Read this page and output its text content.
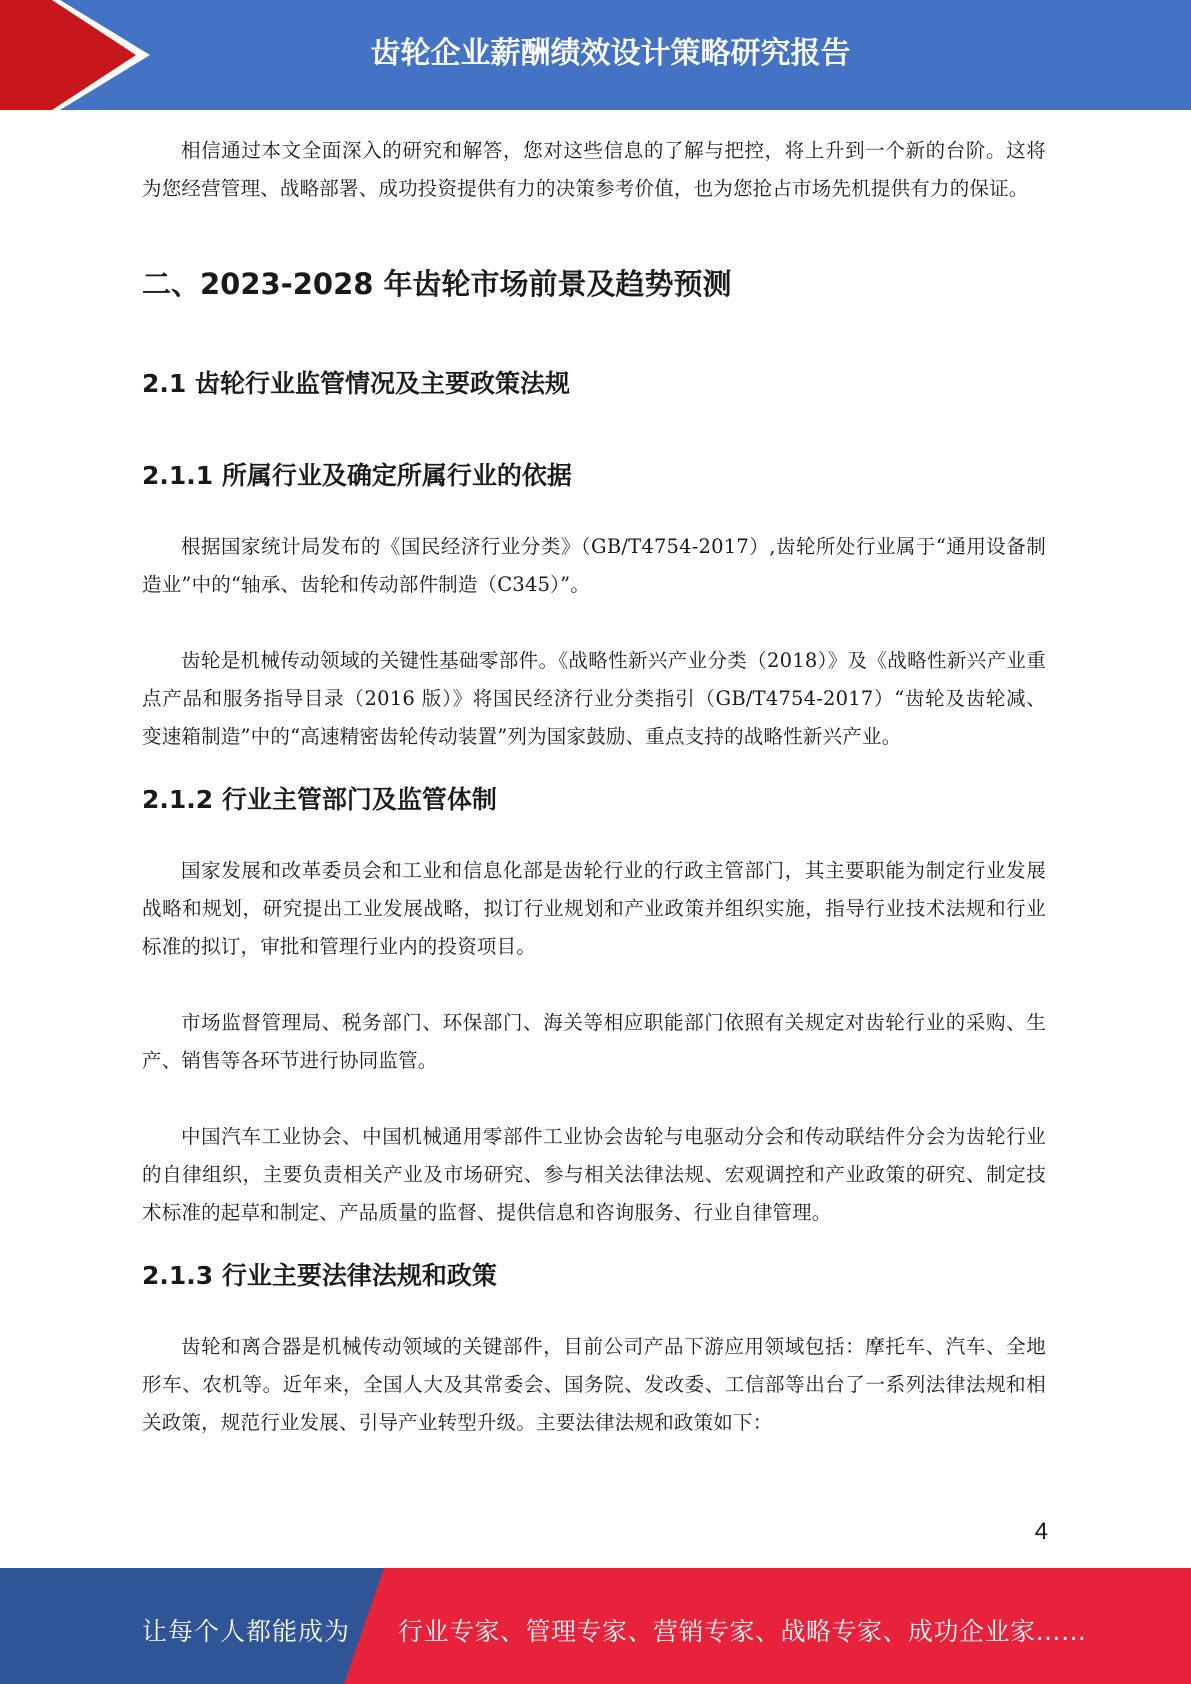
齿轮企业薪酬绩效设计策略研究报告

相信通过本文全面深入的研究和解答，您对这些信息的了解与把控，将上升到一个新的台阶。这将为您经营管理、战略部署、成功投资提供有力的决策参考价值，也为您抢占市场先机提供有力的保证。

二、2023-2028 年齿轮市场前景及趋势预测
2.1 齿轮行业监管情况及主要政策法规
2.1.1 所属行业及确定所属行业的依据

根据国家统计局发布的《国民经济行业分类》（GB/T4754-2017）,齿轮所处行业属于“通用设备制造业”中的“轴承、齿轮和传动部件制造（C345）”。

齿轮是机械传动领域的关键性基础零部件。《战略性新兴产业分类（2018）》及《战略性新兴产业重点产品和服务指导目录（2016 版）》将国民经济行业分类指引（GB/T4754-2017）“齿轮及齿轮减、变速箱制造”中的“高速精密齿轮传动装置”列为国家鼓励、重点支持的战略性新兴产业。

2.1.2 行业主管部门及监管体制

国家发展和改革委员会和工业和信息化部是齿轮行业的行政主管部门，其主要职能为制定行业发展战略和规划，研究提出工业发展战略，拟订行业规划和产业政策并组织实施，指导行业技术法规和行业标准的拟订，审批和管理行业内的投资项目。

市场监督管理局、税务部门、环保部门、海关等相应职能部门依照有关规定对齿轮行业的采购、生产、销售等各环节进行协同监管。

中国汽车工业协会、中国机械通用零部件工业协会齿轮与电驱动分会和传动联结件分会为齿轮行业的自律组织，主要负责相关产业及市场研究、参与相关法律法规、宏观调控和产业政策的研究、制定技术标准的起草和制定、产品质量的监督、提供信息和咨询服务、行业自律管理。

2.1.3 行业主要法律法规和政策

齿轮和离合器是机械传动领域的关键部件，目前公司产品下游应用领域包括：摩托车、汽车、全地形车、农机等。近年来，全国人大及其常委会、国务院、发改委、工信部等出台了一系列法律法规和相关政策，规范行业发展、引导产业转型升级。主要法律法规和政策如下：

4
让每个人都能成为 行业专家、管理专家、营销专家、战略专家、成功企业家……
